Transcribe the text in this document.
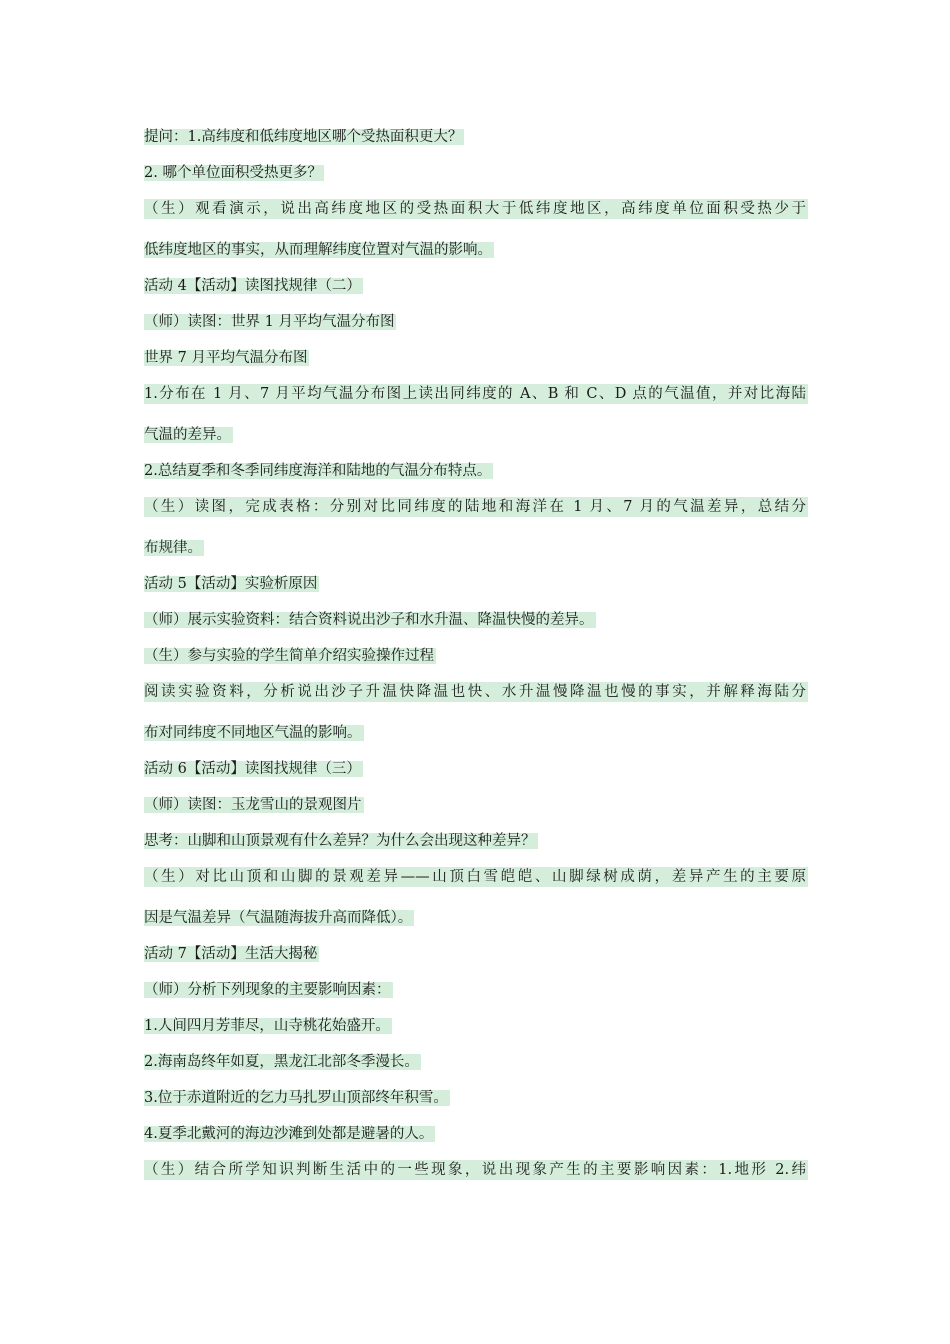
提问：1.高纬度和低纬度地区哪个受热面积更大？
2. 哪个单位面积受热更多？
（生）观看演示，说出高纬度地区的受热面积大于低纬度地区，高纬度单位面积受热少于
低纬度地区的事实，从而理解纬度位置对气温的影响。
活动 4【活动】读图找规律（二）
（师）读图：世界 1 月平均气温分布图
世界 7 月平均气温分布图
1.分布在 1 月、7 月平均气温分布图上读出同纬度的 A、B 和 C、D 点的气温值，并对比海陆
气温的差异。
2.总结夏季和冬季同纬度海洋和陆地的气温分布特点。
（生）读图，完成表格：分别对比同纬度的陆地和海洋在 1 月、7 月的气温差异，总结分
布规律。
活动 5【活动】实验析原因
（师）展示实验资料：结合资料说出沙子和水升温、降温快慢的差异。
（生）参与实验的学生简单介绍实验操作过程
阅读实验资料，分析说出沙子升温快降温也快、水升温慢降温也慢的事实，并解释海陆分
布对同纬度不同地区气温的影响。
活动 6【活动】读图找规律（三）
（师）读图：玉龙雪山的景观图片
思考：山脚和山顶景观有什么差异？为什么会出现这种差异？
（生）对比山顶和山脚的景观差异——山顶白雪皑皑、山脚绿树成荫，差异产生的主要原
因是气温差异（气温随海拔升高而降低）。
活动 7【活动】生活大揭秘
（师）分析下列现象的主要影响因素：
1.人间四月芳菲尽，山寺桃花始盛开。
2.海南岛终年如夏，黑龙江北部冬季漫长。
3.位于赤道附近的乞力马扎罗山顶部终年积雪。
4.夏季北戴河的海边沙滩到处都是避暑的人。
（生）结合所学知识判断生活中的一些现象，说出现象产生的主要影响因素：1.地形 2.纬
